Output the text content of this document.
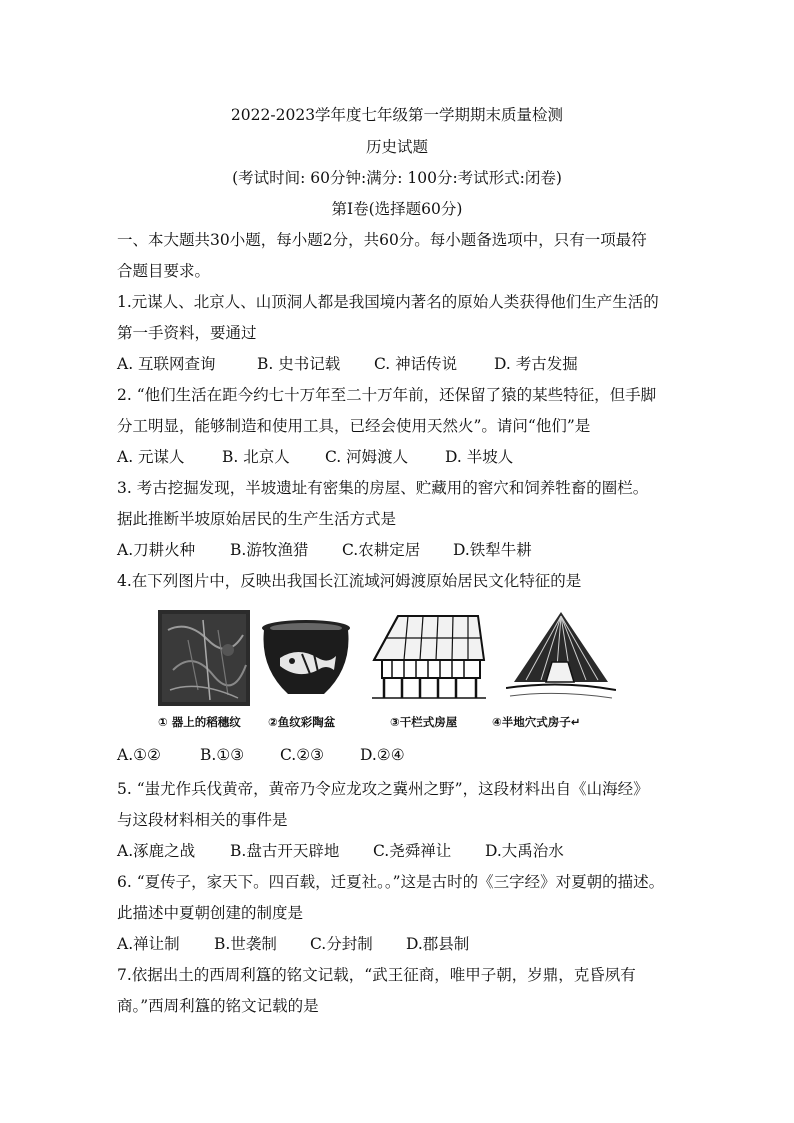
2022-2023学年度七年级第一学期期末质量检测
历史试题
(考试时间: 60分钟:满分: 100分:考试形式:闭卷)
第Ⅰ卷(选择题60分)
一、本大题共30小题，每小题2分，共60分。每小题备选项中，只有一项最符
合题目要求。
1.元谋人、北京人、山顶洞人都是我国境内著名的原始人类获得他们生产生活的
第一手资料，要通过
A. 互联网查询	B. 史书记载 C. 神话传说 D. 考古发掘
2. “他们生活在距今约七十万年至二十万年前，还保留了猿的某些特征，但手脚
分工明显，能够制造和使用工具，已经会使用天然火”。请问“他们”是
A. 元谋人 B. 北京人 C. 河姆渡人 D. 半坡人
3. 考古挖掘发现，半坡遗址有密集的房屋、贮藏用的窖穴和饲养牲畜的圈栏。
据此推断半坡原始居民的生产生活方式是
A.刀耕火种 B.游牧渔猎 C.农耕定居 D.铁犁牛耕
4.在下列图片中，反映出我国长江流域河姆渡原始居民文化特征的是
① 器上的稻穗纹 ②鱼纹彩陶盆	③干栏式房屋	④半地穴式房子↵
A.①②	B.①③ C.②③ D.②④
5. “蚩尤作兵伐黄帝，黄帝乃令应龙攻之冀州之野”，这段材料出自《山海经》
与这段材料相关的事件是
A.涿鹿之战 B.盘古开天辟地 C.尧舜禅让 D.大禹治水
6. “夏传子，家天下。四百载，迁夏社。。”这是古时的《三字经》对夏朝的描述。
此描述中夏朝创建的制度是
A.禅让制 B.世袭制 C.分封制 D.郡县制
7.依据出土的西周利簋的铭文记载，“武王征商，唯甲子朝，岁鼎，克昏夙有
商。”西周利簋的铭文记载的是
